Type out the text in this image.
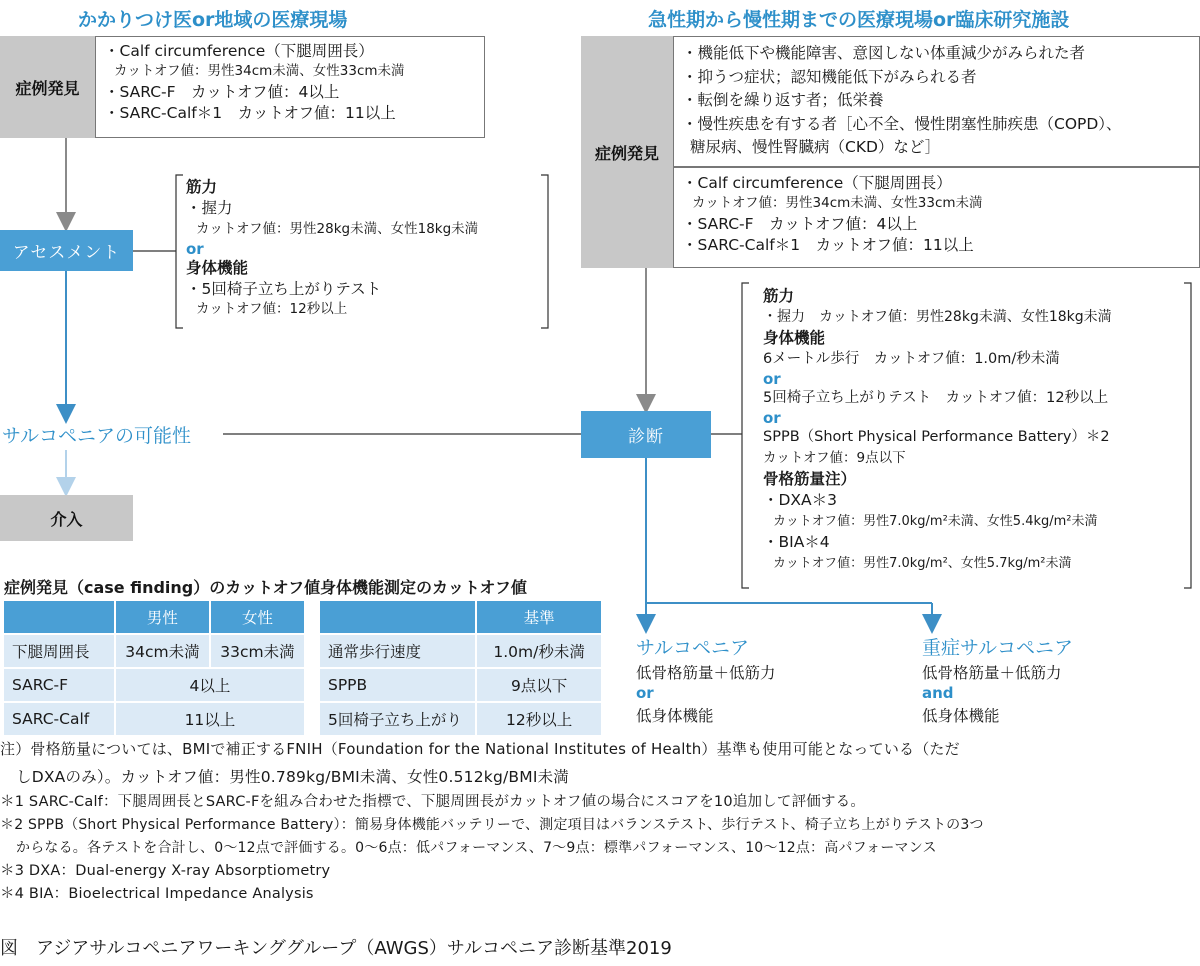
かかりつけ医or地域の医療現場	急性期から慢性期までの医療現場or臨床研究施設
症例発見
・Calf circumference（下腿周囲長）
カットオフ値：男性34cm未満、女性33cm未満
・SARC-F　カットオフ値：4以上
・SARC-Calf＊1　カットオフ値：11以上
アセスメント
筋力
・握力
カットオフ値：男性28kg未満、女性18kg未満
or
身体機能
・5回椅子立ち上がりテスト
カットオフ値：12秒以上
サルコペニアの可能性
介入
症例発見
・機能低下や機能障害、意図しない体重減少がみられた者
・抑うつ症状；認知機能低下がみられる者
・転倒を繰り返す者；低栄養
・慢性疾患を有する者［心不全、慢性閉塞性肺疾患（COPD）、
糖尿病、慢性腎臓病（CKD）など］
・Calf circumference（下腿周囲長）
カットオフ値：男性34cm未満、女性33cm未満
・SARC-F　カットオフ値：4以上
・SARC-Calf＊1　カットオフ値：11以上
診断
筋力
・握力　カットオフ値：男性28kg未満、女性18kg未満
身体機能
6メートル歩行　カットオフ値：1.0m/秒未満
or
5回椅子立ち上がりテスト　カットオフ値：12秒以上
or
SPPB（Short Physical Performance Battery）＊2
カットオフ値：9点以下
骨格筋量注）
・DXA＊3
カットオフ値：男性7.0kg/m²未満、女性5.4kg/m²未満
・BIA＊4
カットオフ値：男性7.0kg/m²、女性5.7kg/m²未満
サルコペニア
低骨格筋量＋低筋力
or
低身体機能
重症サルコペニア
低骨格筋量＋低筋力
and
低身体機能
症例発見（case finding）のカットオフ値
	男性	女性
下腿周囲長	34cm未満	33cm未満
SARC-F	4以上	
SARC-Calf	11以上	
身体機能測定のカットオフ値
	基準
通常歩行速度	1.0m/秒未満
SPPB	9点以下
5回椅子立ち上がり	12秒以上
注）骨格筋量については、BMIで補正するFNIH（Foundation for the National Institutes of Health）基準も使用可能となっている（ただ
しDXAのみ）。カットオフ値：男性0.789kg/BMI未満、女性0.512kg/BMI未満
＊1 SARC-Calf：下腿周囲長とSARC-Fを組み合わせた指標で、下腿周囲長がカットオフ値の場合にスコアを10追加して評価する。
＊2 SPPB（Short Physical Performance Battery）：簡易身体機能バッテリーで、測定項目はバランステスト、歩行テスト、椅子立ち上がりテストの3つ
からなる。各テストを合計し、0〜12点で評価する。0〜6点：低パフォーマンス、7〜9点：標準パフォーマンス、10〜12点：高パフォーマンス
＊3 DXA：Dual-energy X-ray Absorptiometry
＊4 BIA：Bioelectrical Impedance Analysis
図　アジアサルコペニアワーキンググループ（AWGS）サルコペニア診断基準2019
